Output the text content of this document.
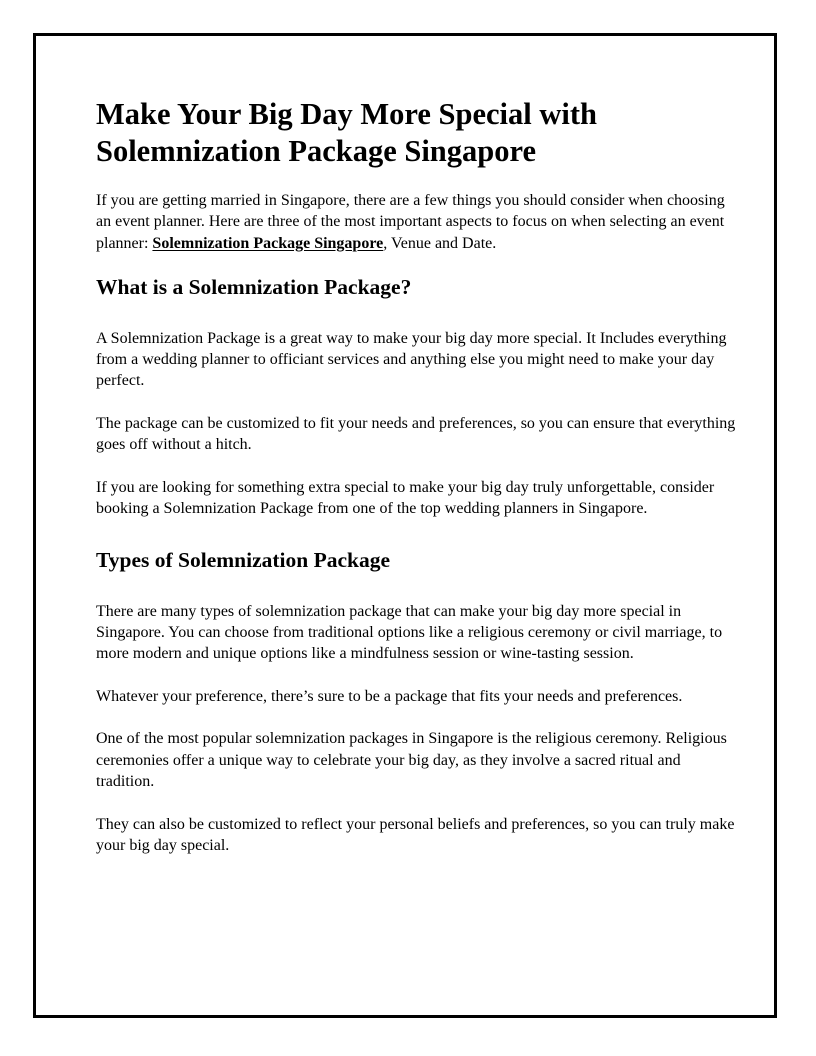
Make Your Big Day More Special with Solemnization Package Singapore

If you are getting married in Singapore, there are a few things you should consider when choosing an event planner. Here are three of the most important aspects to focus on when selecting an event planner: Solemnization Package Singapore, Venue and Date.

What is a Solemnization Package?

A Solemnization Package is a great way to make your big day more special. It Includes everything from a wedding planner to officiant services and anything else you might need to make your day perfect.

The package can be customized to fit your needs and preferences, so you can ensure that everything goes off without a hitch.

If you are looking for something extra special to make your big day truly unforgettable, consider booking a Solemnization Package from one of the top wedding planners in Singapore.

Types of Solemnization Package

There are many types of solemnization package that can make your big day more special in Singapore. You can choose from traditional options like a religious ceremony or civil marriage, to more modern and unique options like a mindfulness session or wine-tasting session.

Whatever your preference, there’s sure to be a package that fits your needs and preferences.

One of the most popular solemnization packages in Singapore is the religious ceremony. Religious ceremonies offer a unique way to celebrate your big day, as they involve a sacred ritual and tradition.

They can also be customized to reflect your personal beliefs and preferences, so you can truly make your big day special.
